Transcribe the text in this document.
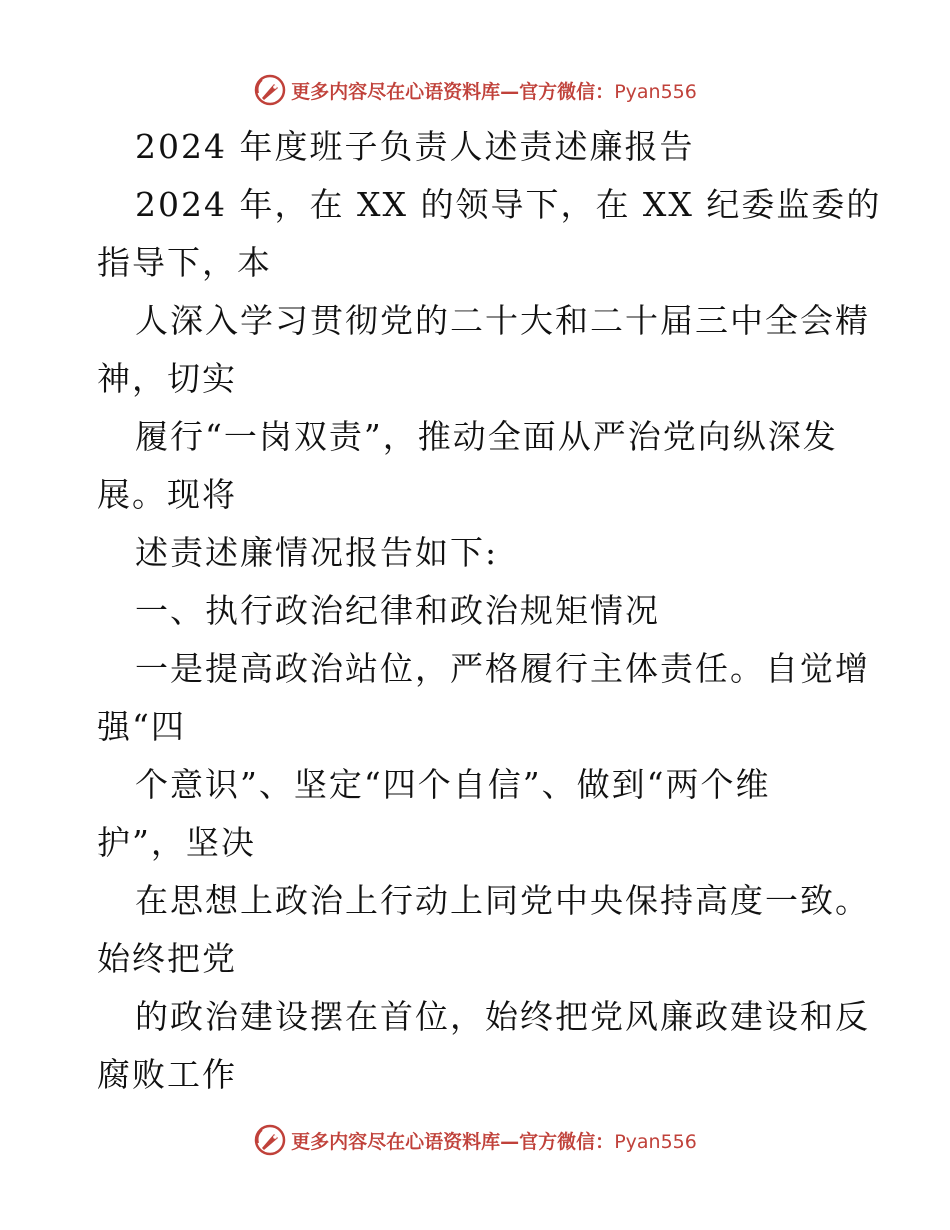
更多内容尽在心语资料库—官方微信：Pyan556
2024 年度班子负责人述责述廉报告
2024 年，在 XX 的领导下，在 XX 纪委监委的
指导下，本
人深入学习贯彻党的二十大和二十届三中全会精
神，切实
履行“一岗双责”，推动全面从严治党向纵深发
展。现将
述责述廉情况报告如下:
一、执行政治纪律和政治规矩情况
一是提高政治站位，严格履行主体责任。自觉增
强“四
个意识”、坚定“四个自信”、做到“两个维
护”，坚决
在思想上政治上行动上同党中央保持高度一致。
始终把党
的政治建设摆在首位，始终把党风廉政建设和反
腐败工作
更多内容尽在心语资料库—官方微信：Pyan556
